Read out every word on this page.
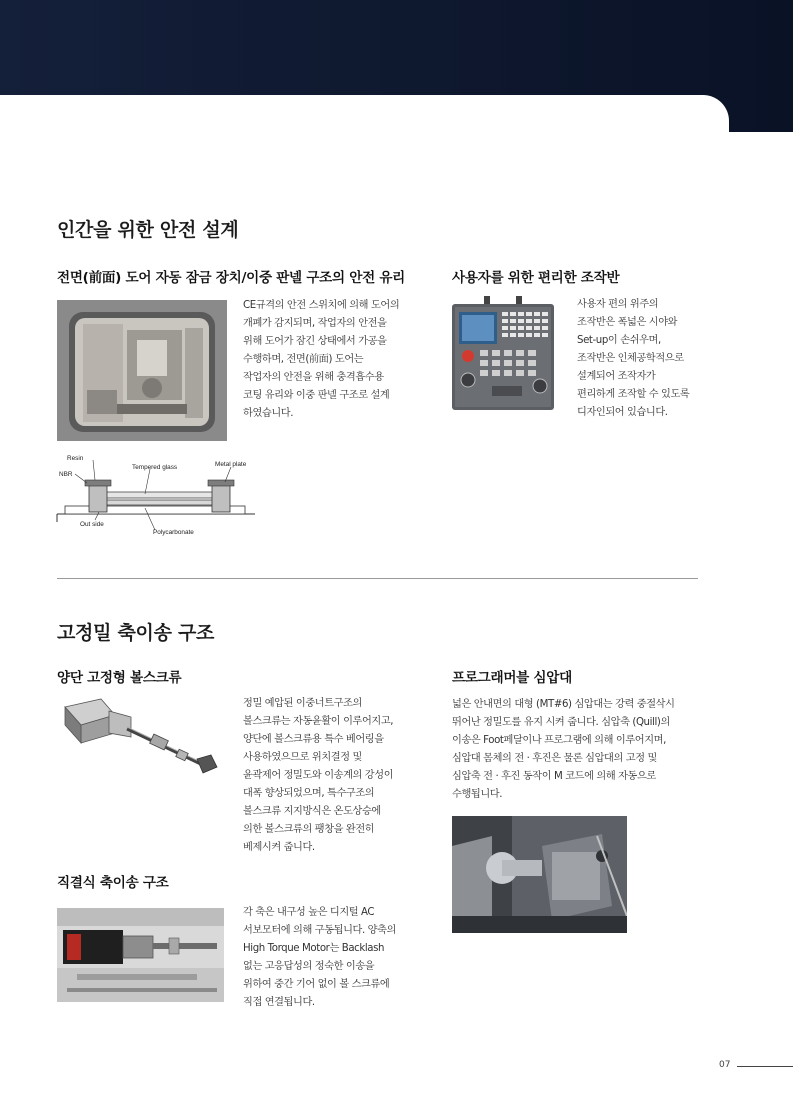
인간을 위한 안전 설계
전면(前面) 도어 자동 잠금 장치/이중 판넬 구조의 안전 유리
CE규격의 안전 스위치에 의해 도어의
개폐가 감지되며, 작업자의 안전을
위해 도어가 잠긴 상태에서 가공을
수행하며, 전면(前面) 도어는
작업자의 안전을 위해 충격흡수용
코팅 유리와 이중 판넬 구조로 설계
하였습니다.
Resin
NBR
Tempered glass	Metal plate
Out side
Polycarbonate
사용자를 위한 편리한 조작반
사용자 편의 위주의
조작반은 폭넓은 시야와
Set-up이 손쉬우며,
조작반은 인체공학적으로
설계되어 조작자가
편리하게 조작할 수 있도록
디자인되어 있습니다.
고정밀 축이송 구조
양단 고정형 볼스크류
정밀 예압된 이중너트구조의
볼스크류는 자동윤활이 이루어지고,
양단에 볼스크류용 특수 베어링을
사용하였으므로 위치결정 및
윤곽제어 정밀도와 이송계의 강성이
대폭 향상되었으며, 특수구조의
볼스크류 지지방식은 온도상승에
의한 볼스크류의 팽창을 완전히
베제시켜 줍니다.
직결식 축이송 구조
각 축은 내구성 높은 디지털 AC
서보모터에 의해 구동됩니다. 양축의
High Torque Motor는 Backlash
없는 고응답성의 정숙한 이송을
위하여 중간 기어 없이 볼 스크류에
직접 연결됩니다.
프로그래머블 심압대
넓은 안내면의 대형 (MT#6) 심압대는 강력 중절삭시
뛰어난 정밀도를 유지 시켜 줍니다. 심압축 (Quill)의
이송은 Foot페달이나 프로그램에 의해 이루어지며,
심압대 몸체의 전 · 후진은 물론 심압대의 고정 및
심압축 전 · 후진 동작이 M 코드에 의해 자동으로
수행됩니다.
07
